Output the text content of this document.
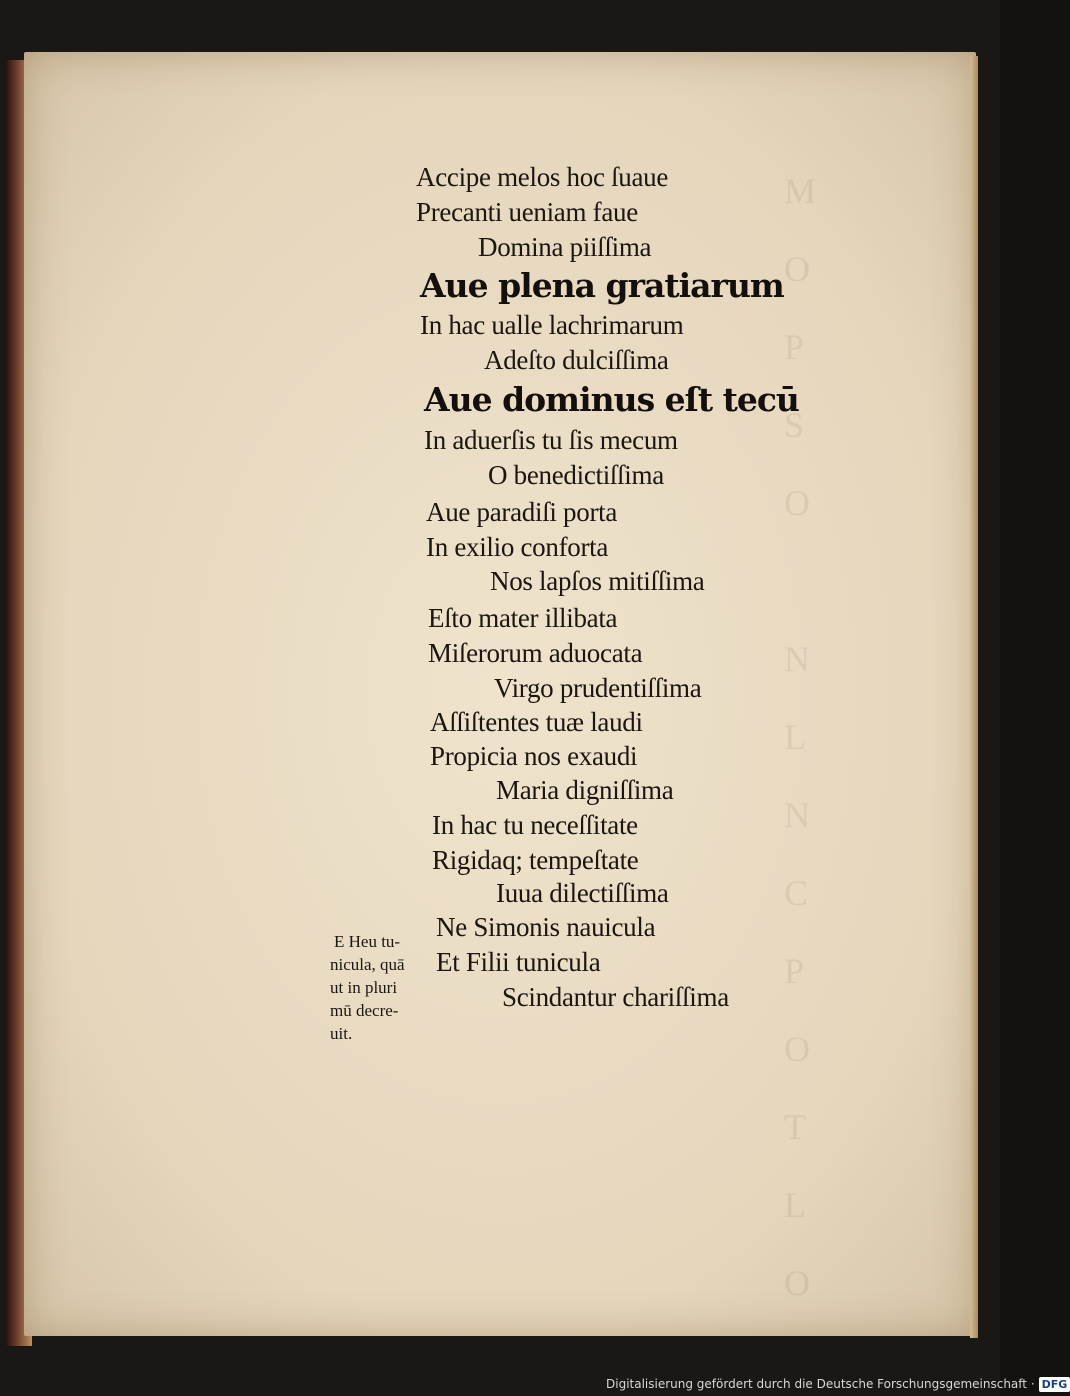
M
O
P
S
O

N
L
N
C
P
O
T
L
O
Accipe melos hoc ſuaue
Precanti ueniam faue
Domina piiſſima
Aue plena gratiarum
In hac ualle lachrimarum
Adeſto dulciſſima
Aue dominus eſt tecū
In aduerſis tu ſis mecum
O benedictiſſima
Aue paradiſi porta
In exilio conforta
Nos lapſos mitiſſima
Eſto mater illibata
Miſerorum aduocata
Virgo prudentiſſima
Aſſiſtentes tuæ laudi
Propicia nos exaudi
Maria digniſſima
In hac tu neceſſitate
Rigidaq; tempeſtate
Iuua dilectiſſima
Ne Simonis nauicula
Et Filii tunicula
Scindantur chariſſima
E Heu tu-
nicula, quā
ut in pluri
mū decre-
uit.
Digitalisierung gefördert durch die Deutsche Forschungsgemeinschaft · DFG
